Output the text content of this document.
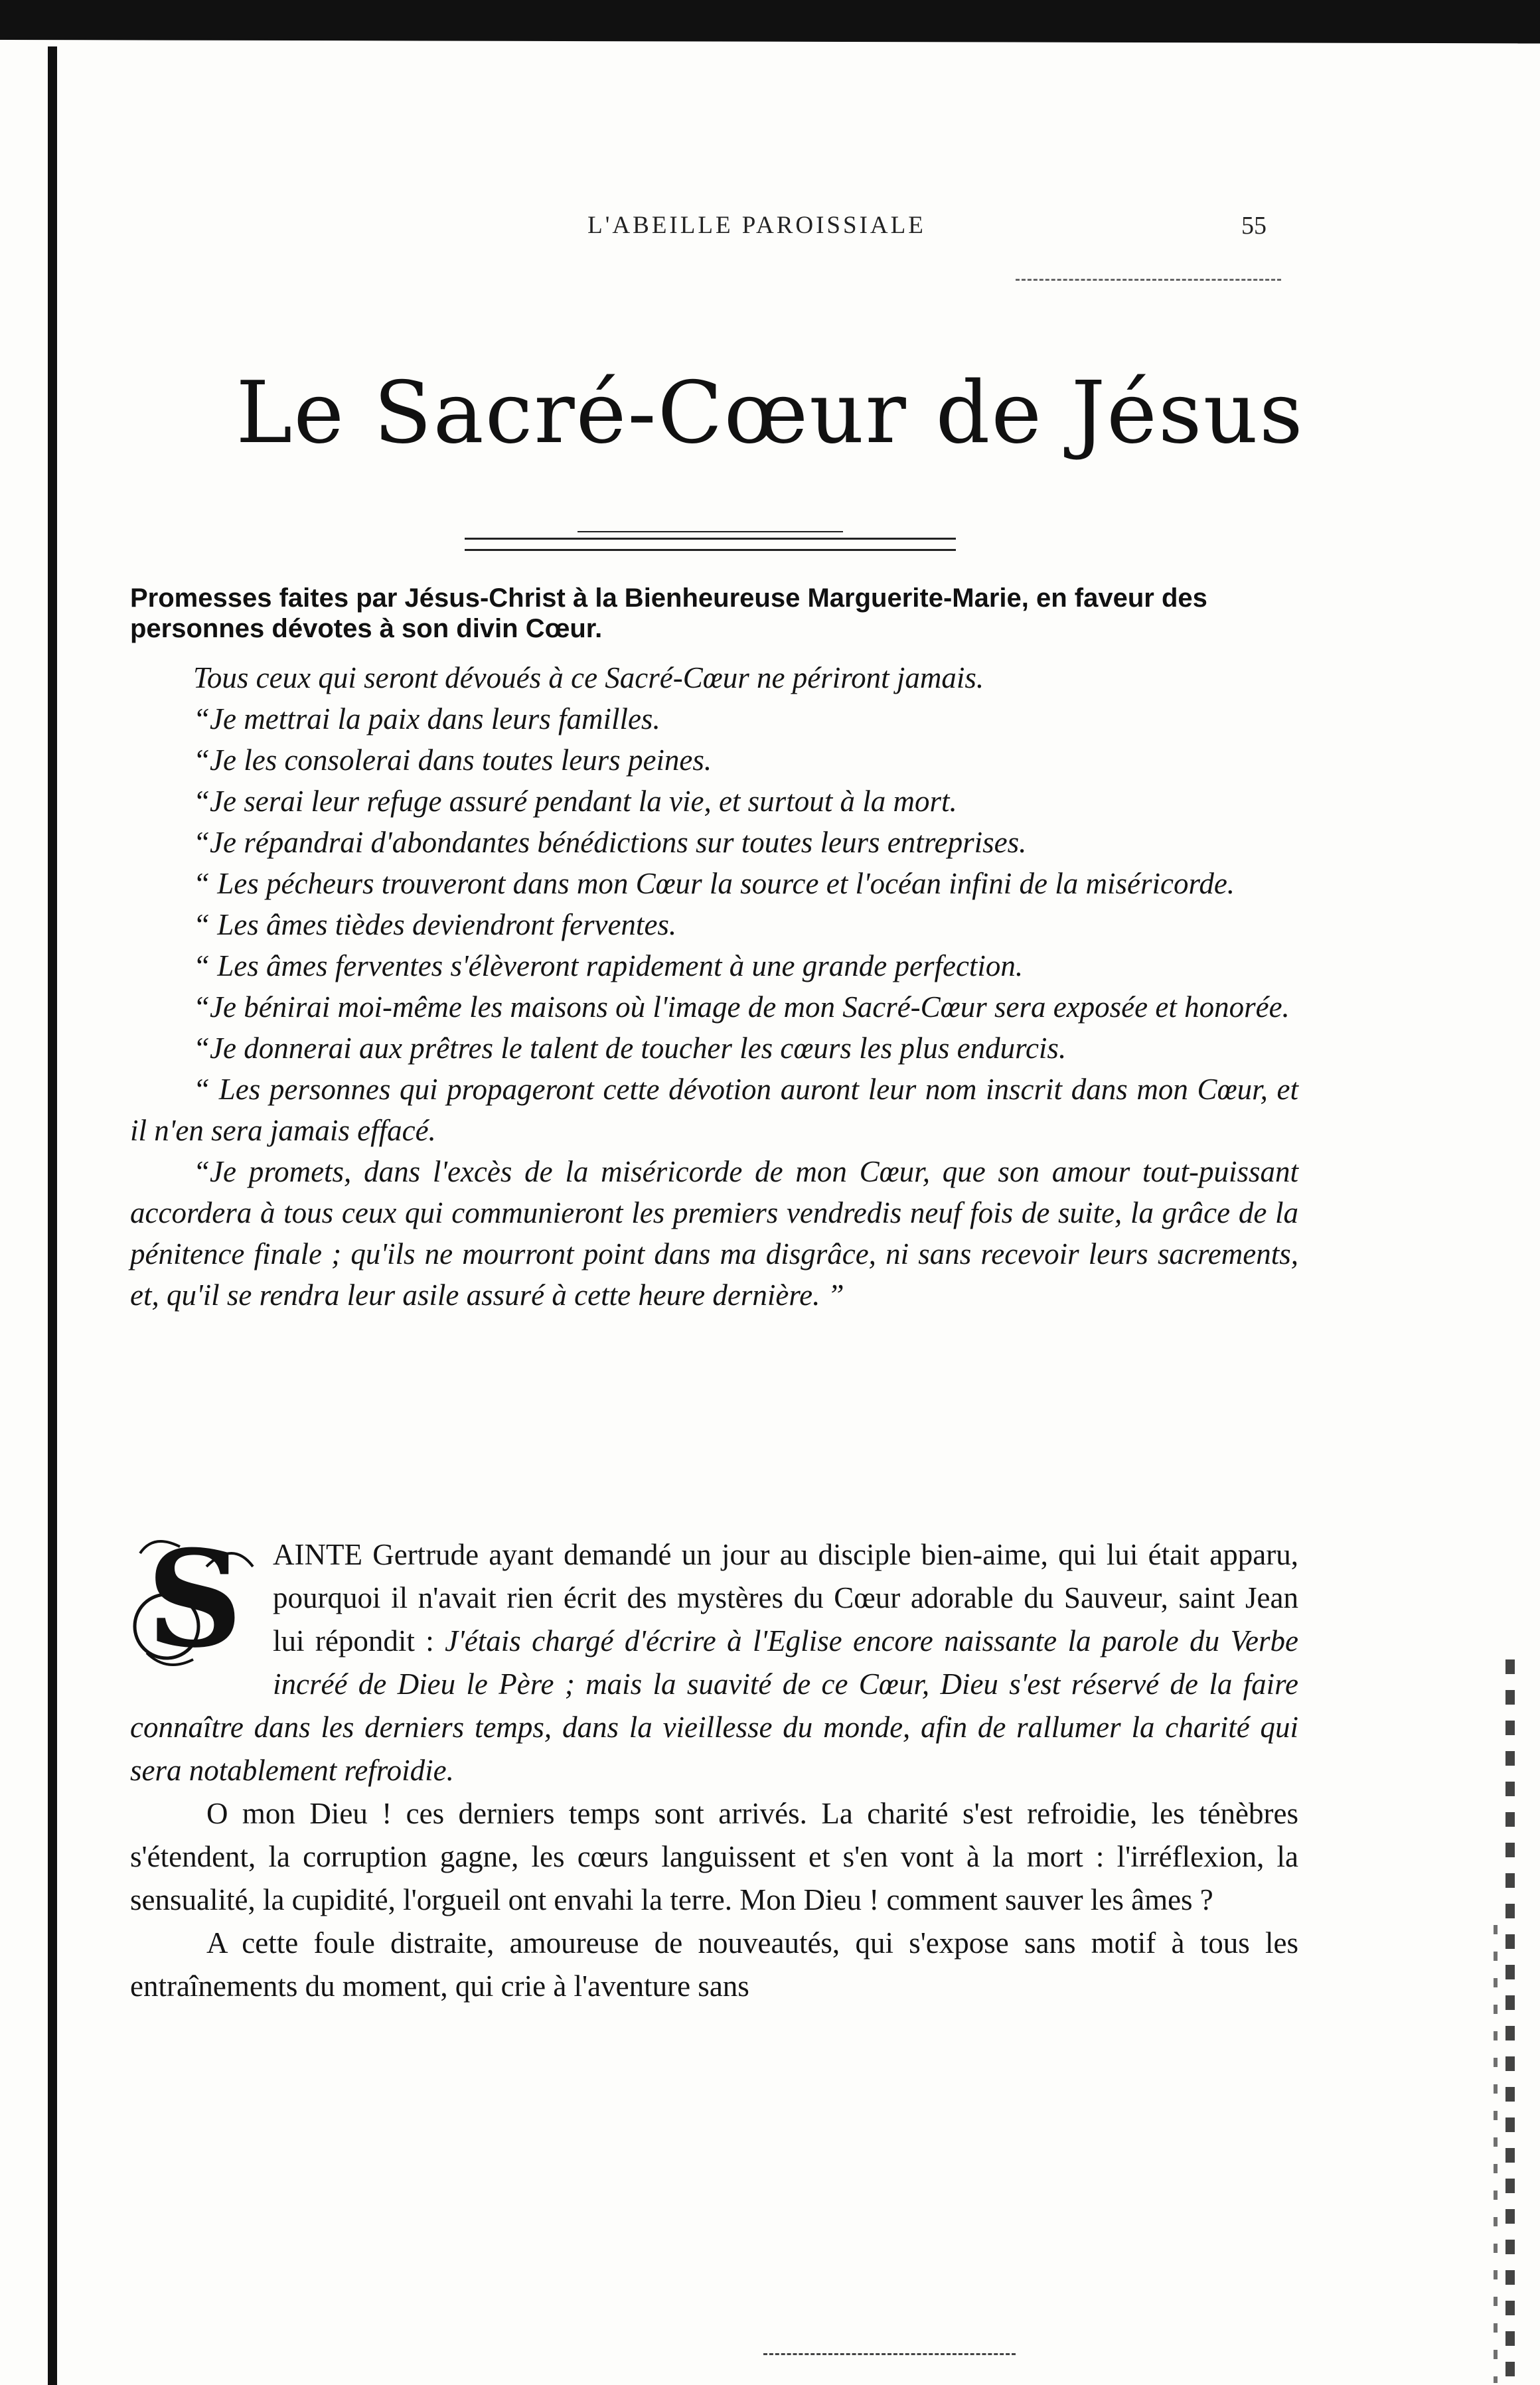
L'ABEILLE PAROISSIALE	55
Le Sacré-Cœur de Jésus
Promesses faites par Jésus-Christ à la Bienheureuse Marguerite-Marie, en faveur des personnes dévotes à son divin Cœur.

Tous ceux qui seront dévoués à ce Sacré-Cœur ne périront jamais.

“Je mettrai la paix dans leurs familles.

“Je les consolerai dans toutes leurs peines.

“Je serai leur refuge assuré pendant la vie, et surtout à la mort.

“Je répandrai d'abondantes bénédictions sur toutes leurs entreprises.

“ Les pécheurs trouveront dans mon Cœur la source et l'océan infini de la miséricorde.

“ Les âmes tièdes deviendront ferventes.

“ Les âmes ferventes s'élèveront rapidement à une grande perfection.

“Je bénirai moi-même les maisons où l'image de mon Sacré-Cœur sera exposée et honorée.

“Je donnerai aux prêtres le talent de toucher les cœurs les plus endurcis.

“ Les personnes qui propageront cette dévotion auront leur nom inscrit dans mon Cœur, et il n'en sera jamais effacé.

“Je promets, dans l'excès de la miséricorde de mon Cœur, que son amour tout-puissant accordera à tous ceux qui communieront les premiers vendredis neuf fois de suite, la grâce de la pénitence finale ; qu'ils ne mourront point dans ma disgrâce, ni sans recevoir leurs sacrements, et, qu'il se rendra leur asile assuré à cette heure dernière. ”

S AINTE Gertrude ayant demandé un jour au disciple bien-aime, qui lui était apparu, pourquoi il n'avait rien écrit des mystères du Cœur adorable du Sauveur, saint Jean lui répondit : J'étais chargé d'écrire à l'Eglise encore naissante la parole du Verbe incréé de Dieu le Père ; mais la suavité de ce Cœur, Dieu s'est réservé de la faire connaître dans les derniers temps, dans la vieillesse du monde, afin de rallumer la charité qui sera notablement refroidie.

O mon Dieu ! ces derniers temps sont arrivés. La charité s'est refroidie, les ténèbres s'étendent, la corruption gagne, les cœurs languissent et s'en vont à la mort : l'irréflexion, la sensualité, la cupidité, l'orgueil ont envahi la terre. Mon Dieu ! comment sauver les âmes ?

A cette foule distraite, amoureuse de nouveautés, qui s'expose sans motif à tous les entraînements du moment, qui crie à l'aventure sans
